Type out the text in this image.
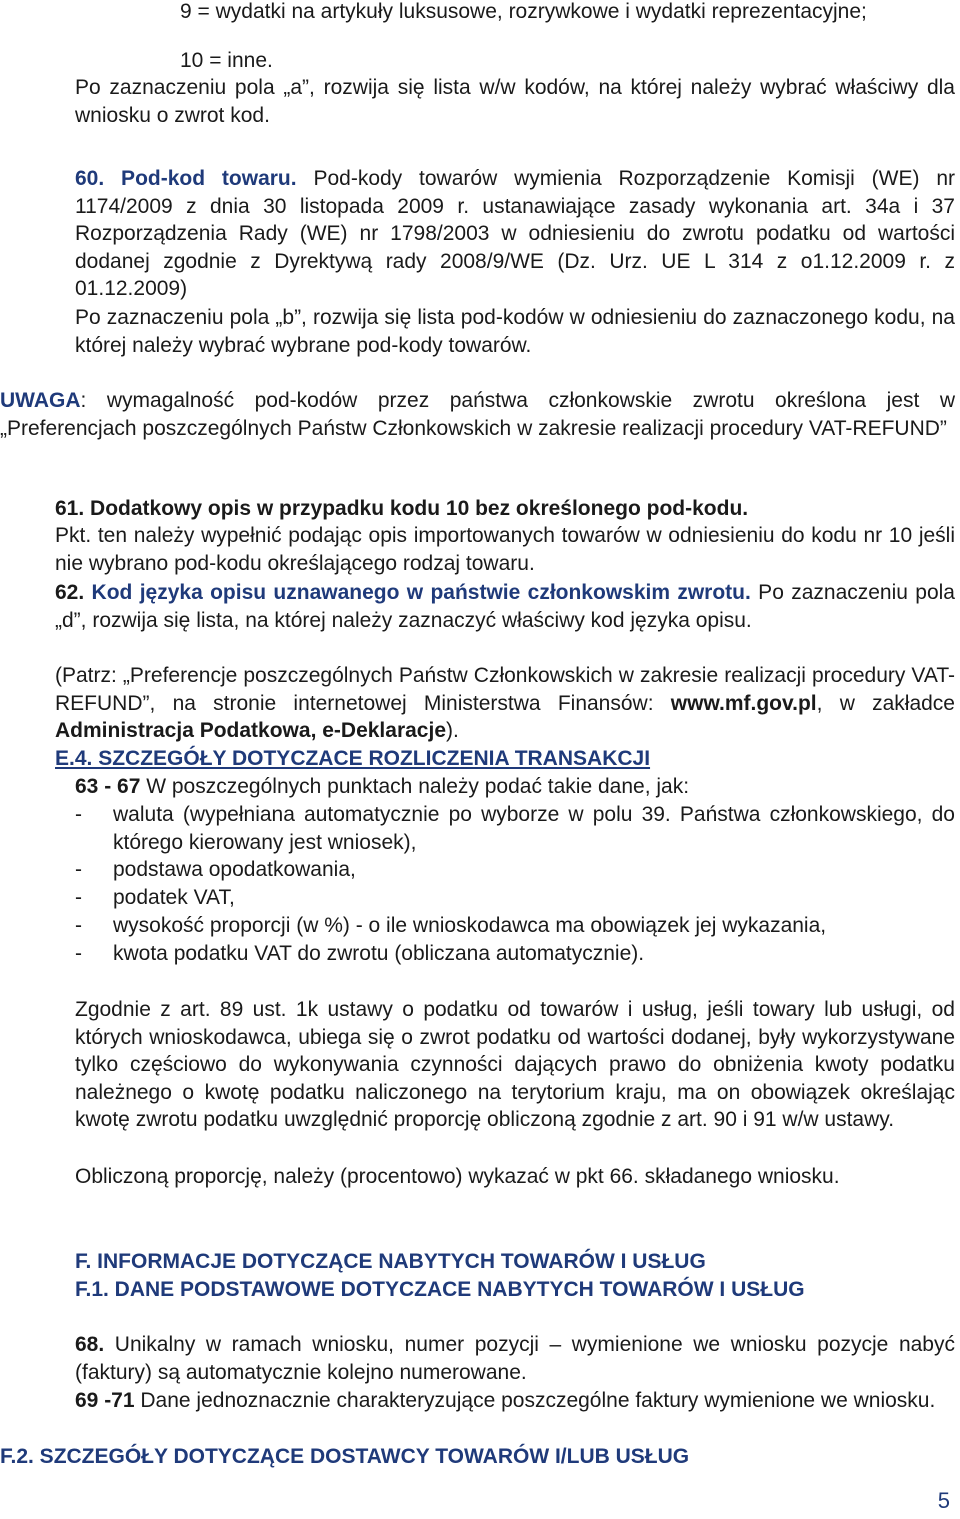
9 = wydatki na artykuły luksusowe, rozrywkowe i wydatki reprezentacyjne;

10 = inne.

Po zaznaczeniu pola „a”, rozwija się lista w/w kodów, na której należy wybrać właściwy dla wniosku o zwrot kod.

60. Pod-kod towaru. Pod-kody towarów wymienia Rozporządzenie Komisji (WE) nr 1174/2009 z dnia 30 listopada 2009 r. ustanawiające zasady wykonania art. 34a i 37 Rozporządzenia Rady (WE) nr 1798/2003 w odniesieniu do zwrotu podatku od wartości dodanej zgodnie z Dyrektywą rady 2008/9/WE (Dz. Urz. UE L 314 z o1.12.2009 r. z 01.12.2009)

Po zaznaczeniu pola „b”, rozwija się lista pod-kodów w odniesieniu do zaznaczonego kodu, na której należy wybrać wybrane pod-kody towarów.

UWAGA: wymagalność pod-kodów przez państwa członkowskie zwrotu określona jest w „Preferencjach poszczególnych Państw Członkowskich w zakresie realizacji procedury VAT-REFUND”

61. Dodatkowy opis w przypadku kodu 10 bez określonego pod-kodu.

Pkt. ten należy wypełnić podając opis importowanych towarów w odniesieniu do kodu nr 10 jeśli nie wybrano pod-kodu określającego rodzaj towaru.

62. Kod języka opisu uznawanego w państwie członkowskim zwrotu. Po zaznaczeniu pola „d”, rozwija się lista, na której należy zaznaczyć właściwy kod języka opisu.

(Patrz: „Preferencje poszczególnych Państw Członkowskich w zakresie realizacji procedury VAT-REFUND”, na stronie internetowej Ministerstwa Finansów: www.mf.gov.pl, w zakładce Administracja Podatkowa, e-Deklaracje).

E.4. SZCZEGÓŁY DOTYCZACE ROZLICZENIA TRANSAKCJI

63 - 67 W poszczególnych punktach należy podać takie dane, jak:

- waluta (wypełniana automatycznie po wyborze w polu 39. Państwa członkowskiego, do którego kierowany jest wniosek),
- podstawa opodatkowania,
- podatek VAT,
- wysokość proporcji (w %) - o ile wnioskodawca ma obowiązek jej wykazania,
- kwota podatku VAT do zwrotu (obliczana automatycznie).

Zgodnie z art. 89 ust. 1k ustawy o podatku od towarów i usług, jeśli towary lub usługi, od których wnioskodawca, ubiega się o zwrot podatku od wartości dodanej, były wykorzystywane tylko częściowo do wykonywania czynności dających prawo do obniżenia kwoty podatku należnego o kwotę podatku naliczonego na terytorium kraju, ma on obowiązek określając kwotę zwrotu podatku uwzględnić proporcję obliczoną zgodnie z art. 90 i 91 w/w ustawy.

Obliczoną proporcję, należy (procentowo) wykazać w pkt 66. składanego wniosku.

F. INFORMACJE DOTYCZĄCE NABYTYCH TOWARÓW I USŁUG

F.1. DANE PODSTAWOWE DOTYCZACE NABYTYCH TOWARÓW I USŁUG

68. Unikalny w ramach wniosku, numer pozycji – wymienione we wniosku pozycje nabyć (faktury) są automatycznie kolejno numerowane.

69 -71 Dane jednoznacznie charakteryzujące poszczególne faktury wymienione we wniosku.

F.2. SZCZEGÓŁY DOTYCZĄCE DOSTAWCY TOWARÓW I/LUB USŁUG

5
